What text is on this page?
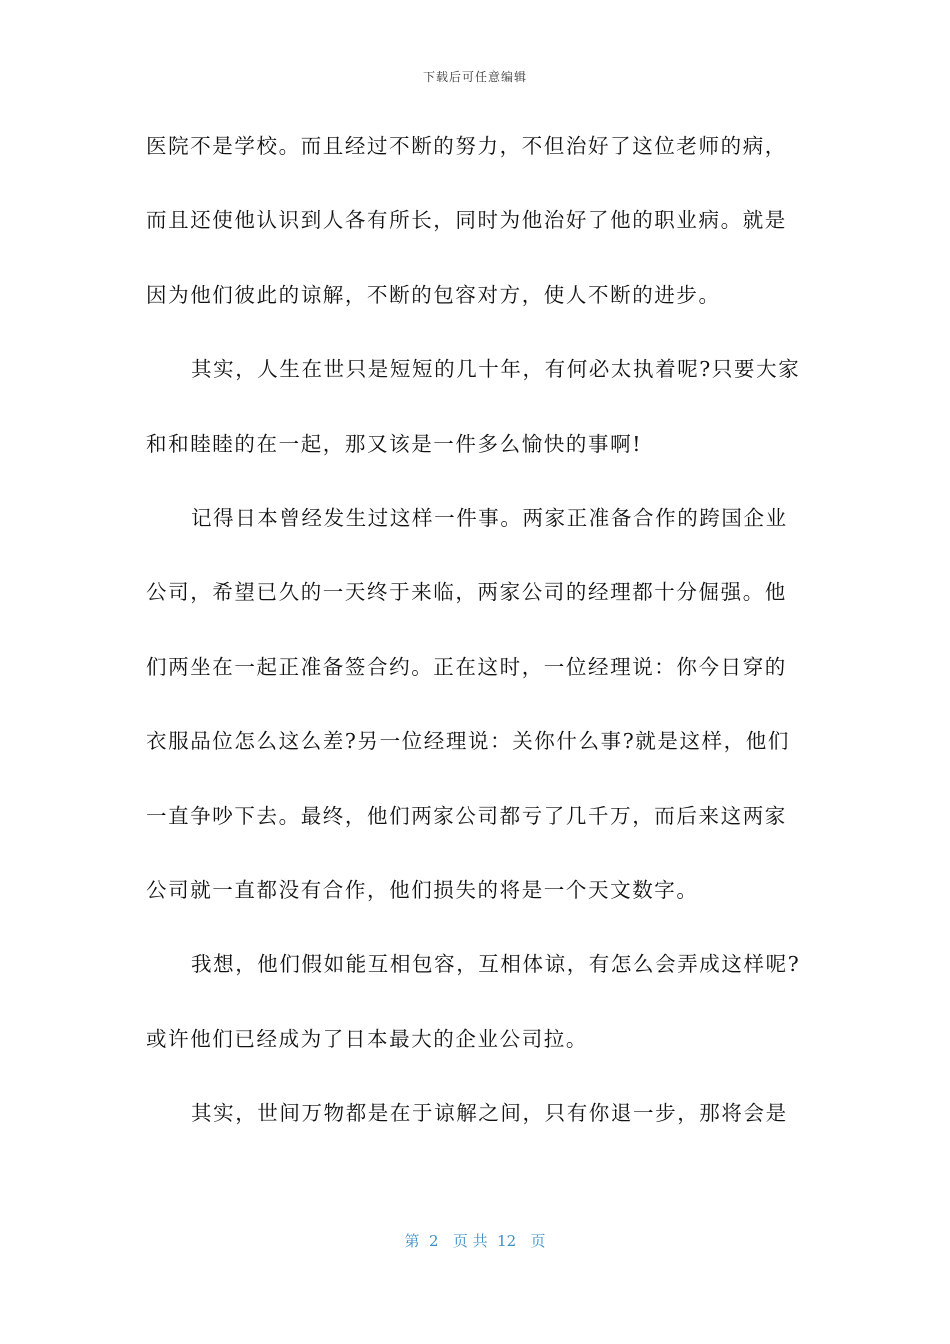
下载后可任意编辑
医院不是学校。而且经过不断的努力，不但治好了这位老师的病，
而且还使他认识到人各有所长，同时为他治好了他的职业病。就是
因为他们彼此的谅解，不断的包容对方，使人不断的进步。
其实，人生在世只是短短的几十年，有何必太执着呢?只要大家
和和睦睦的在一起，那又该是一件多么愉快的事啊!
记得日本曾经发生过这样一件事。两家正准备合作的跨国企业
公司，希望已久的一天终于来临，两家公司的经理都十分倔强。他
们两坐在一起正准备签合约。正在这时，一位经理说：你今日穿的
衣服品位怎么这么差?另一位经理说：关你什么事?就是这样，他们
一直争吵下去。最终，他们两家公司都亏了几千万，而后来这两家
公司就一直都没有合作，他们损失的将是一个天文数字。
我想，他们假如能互相包容，互相体谅，有怎么会弄成这样呢?
或许他们已经成为了日本最大的企业公司拉。
其实，世间万物都是在于谅解之间，只有你退一步，那将会是
第  2   页 共  12   页
